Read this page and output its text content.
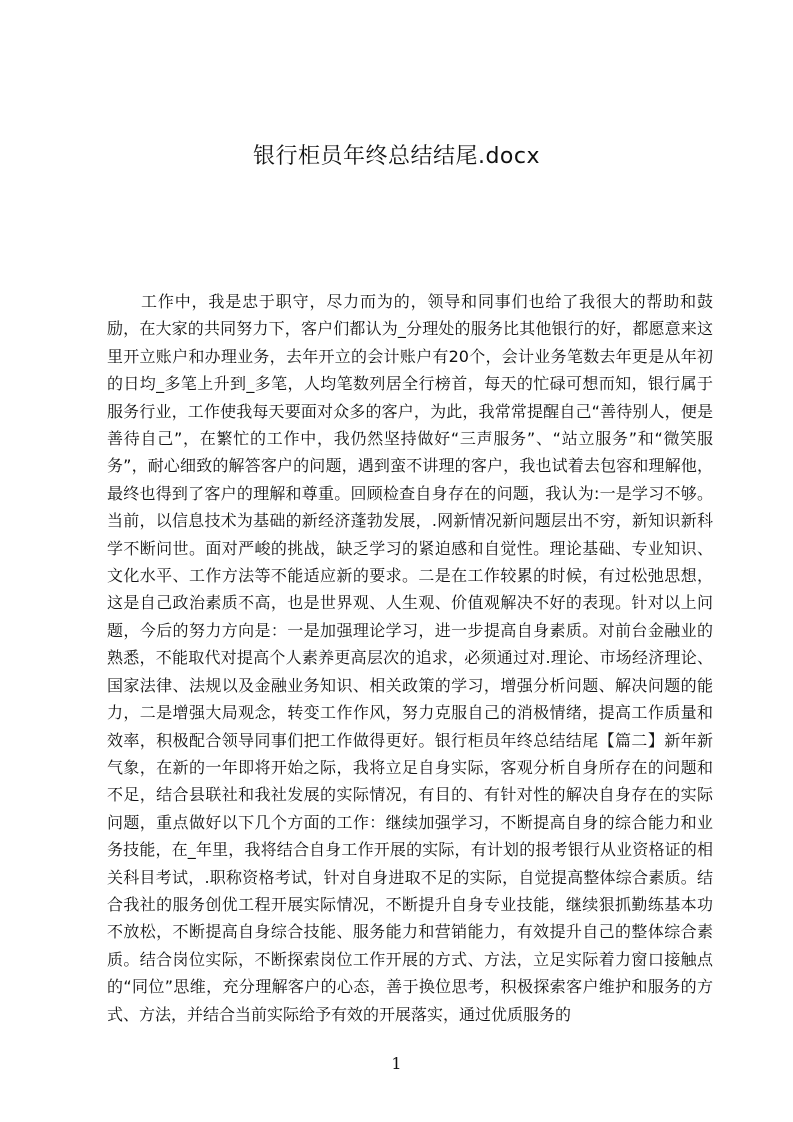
银行柜员年终总结结尾.docx

工作中，我是忠于职守，尽力而为的，领导和同事们也给了我很大的帮助和鼓励，在大家的共同努力下，客户们都认为_分理处的服务比其他银行的好，都愿意来这里开立账户和办理业务，去年开立的会计账户有20个，会计业务笔数去年更是从年初的日均_多笔上升到_多笔，人均笔数列居全行榜首，每天的忙碌可想而知，银行属于服务行业，工作使我每天要面对众多的客户，为此，我常常提醒自己“善待别人，便是善待自己”，在繁忙的工作中，我仍然坚持做好“三声服务”、“站立服务”和“微笑服务”，耐心细致的解答客户的问题，遇到蛮不讲理的客户，我也试着去包容和理解他，最终也得到了客户的理解和尊重。回顾检查自身存在的问题，我认为:一是学习不够。当前，以信息技术为基础的新经济蓬勃发展，.网新情况新问题层出不穷，新知识新科学不断问世。面对严峻的挑战，缺乏学习的紧迫感和自觉性。理论基础、专业知识、文化水平、工作方法等不能适应新的要求。二是在工作较累的时候，有过松弛思想，这是自己政治素质不高，也是世界观、人生观、价值观解决不好的表现。针对以上问题，今后的努力方向是：一是加强理论学习，进一步提高自身素质。对前台金融业的熟悉，不能取代对提高个人素养更高层次的追求，必须通过对.理论、市场经济理论、国家法律、法规以及金融业务知识、相关政策的学习，增强分析问题、解决问题的能力，二是增强大局观念，转变工作作风，努力克服自己的消极情绪，提高工作质量和效率，积极配合领导同事们把工作做得更好。银行柜员年终总结结尾【篇二】新年新气象，在新的一年即将开始之际，我将立足自身实际，客观分析自身所存在的问题和不足，结合县联社和我社发展的实际情况，有目的、有针对性的解决自身存在的实际问题，重点做好以下几个方面的工作：继续加强学习，不断提高自身的综合能力和业务技能，在_年里，我将结合自身工作开展的实际，有计划的报考银行从业资格证的相关科目考试，.职称资格考试，针对自身进取不足的实际，自觉提高整体综合素质。结合我社的服务创优工程开展实际情况，不断提升自身专业技能，继续狠抓勤练基本功不放松，不断提高自身综合技能、服务能力和营销能力，有效提升自己的整体综合素质。结合岗位实际，不断探索岗位工作开展的方式、方法，立足实际着力窗口接触点的“同位”思维，充分理解客户的心态，善于换位思考，积极探索客户维护和服务的方式、方法，并结合当前实际给予有效的开展落实，通过优质服务的

1
